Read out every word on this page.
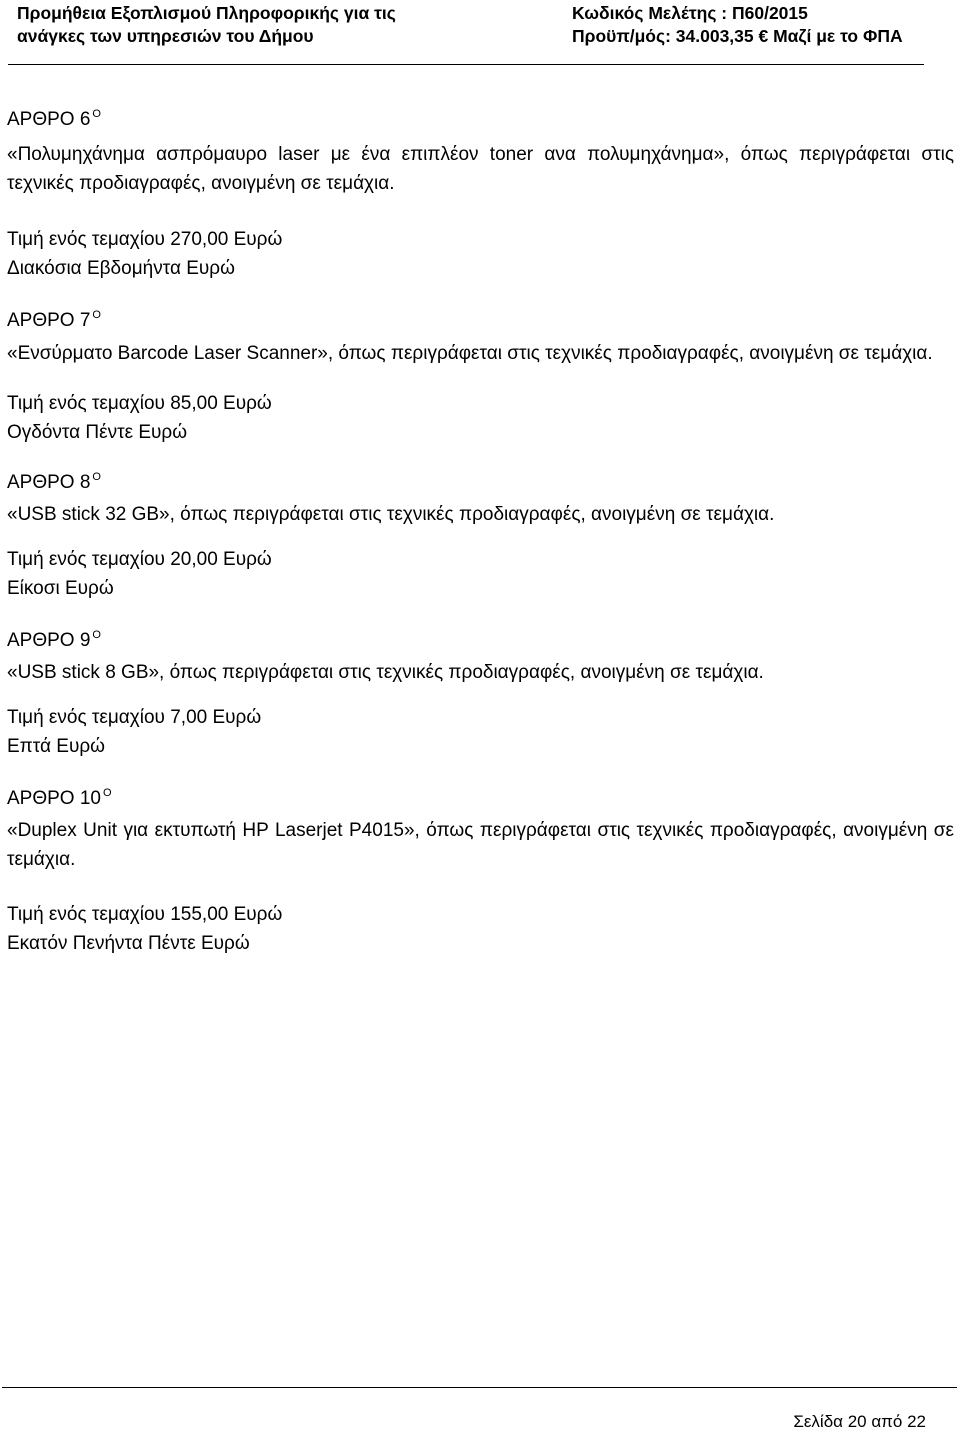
Προμήθεια Εξοπλισμού Πληροφορικής για τις
ανάγκες των υπηρεσιών του Δήμου
Κωδικός Μελέτης : Π60/2015
Προϋπ/μός: 34.003,35 € Μαζί με το ΦΠΑ

ΑΡΘΡΟ 6 $^O$

«Πολυμηχάνημα ασπρόμαυρο laser με ένα επιπλέον toner ανα πολυμηχάνημα», όπως περιγράφεται στις τεχνικές προδιαγραφές, ανοιγμένη σε τεμάχια.

Τιμή ενός τεμαχίου 270,00 Ευρώ

Διακόσια Εβδομήντα Ευρώ

ΑΡΘΡΟ 7 $^O$

«Ενσύρματο Barcode Laser Scanner», όπως περιγράφεται στις τεχνικές προδιαγραφές, ανοιγμένη σε τεμάχια.

Τιμή ενός τεμαχίου 85,00 Ευρώ

Ογδόντα Πέντε Ευρώ

ΑΡΘΡΟ 8 $^O$

«USB stick 32 GB», όπως περιγράφεται στις τεχνικές προδιαγραφές, ανοιγμένη σε τεμάχια.

Τιμή ενός τεμαχίου 20,00 Ευρώ

Είκοσι Ευρώ

ΑΡΘΡΟ 9 $^O$

«USB stick 8 GB», όπως περιγράφεται στις τεχνικές προδιαγραφές, ανοιγμένη σε τεμάχια.

Τιμή ενός τεμαχίου 7,00 Ευρώ

Επτά Ευρώ

ΑΡΘΡΟ 10 $^O$

«Duplex Unit για εκτυπωτή HP Laserjet P4015», όπως περιγράφεται στις τεχνικές προδιαγραφές, ανοιγμένη σε τεμάχια.

Τιμή ενός τεμαχίου 155,00 Ευρώ

Εκατόν Πενήντα Πέντε Ευρώ

Σελίδα 20 από 22
